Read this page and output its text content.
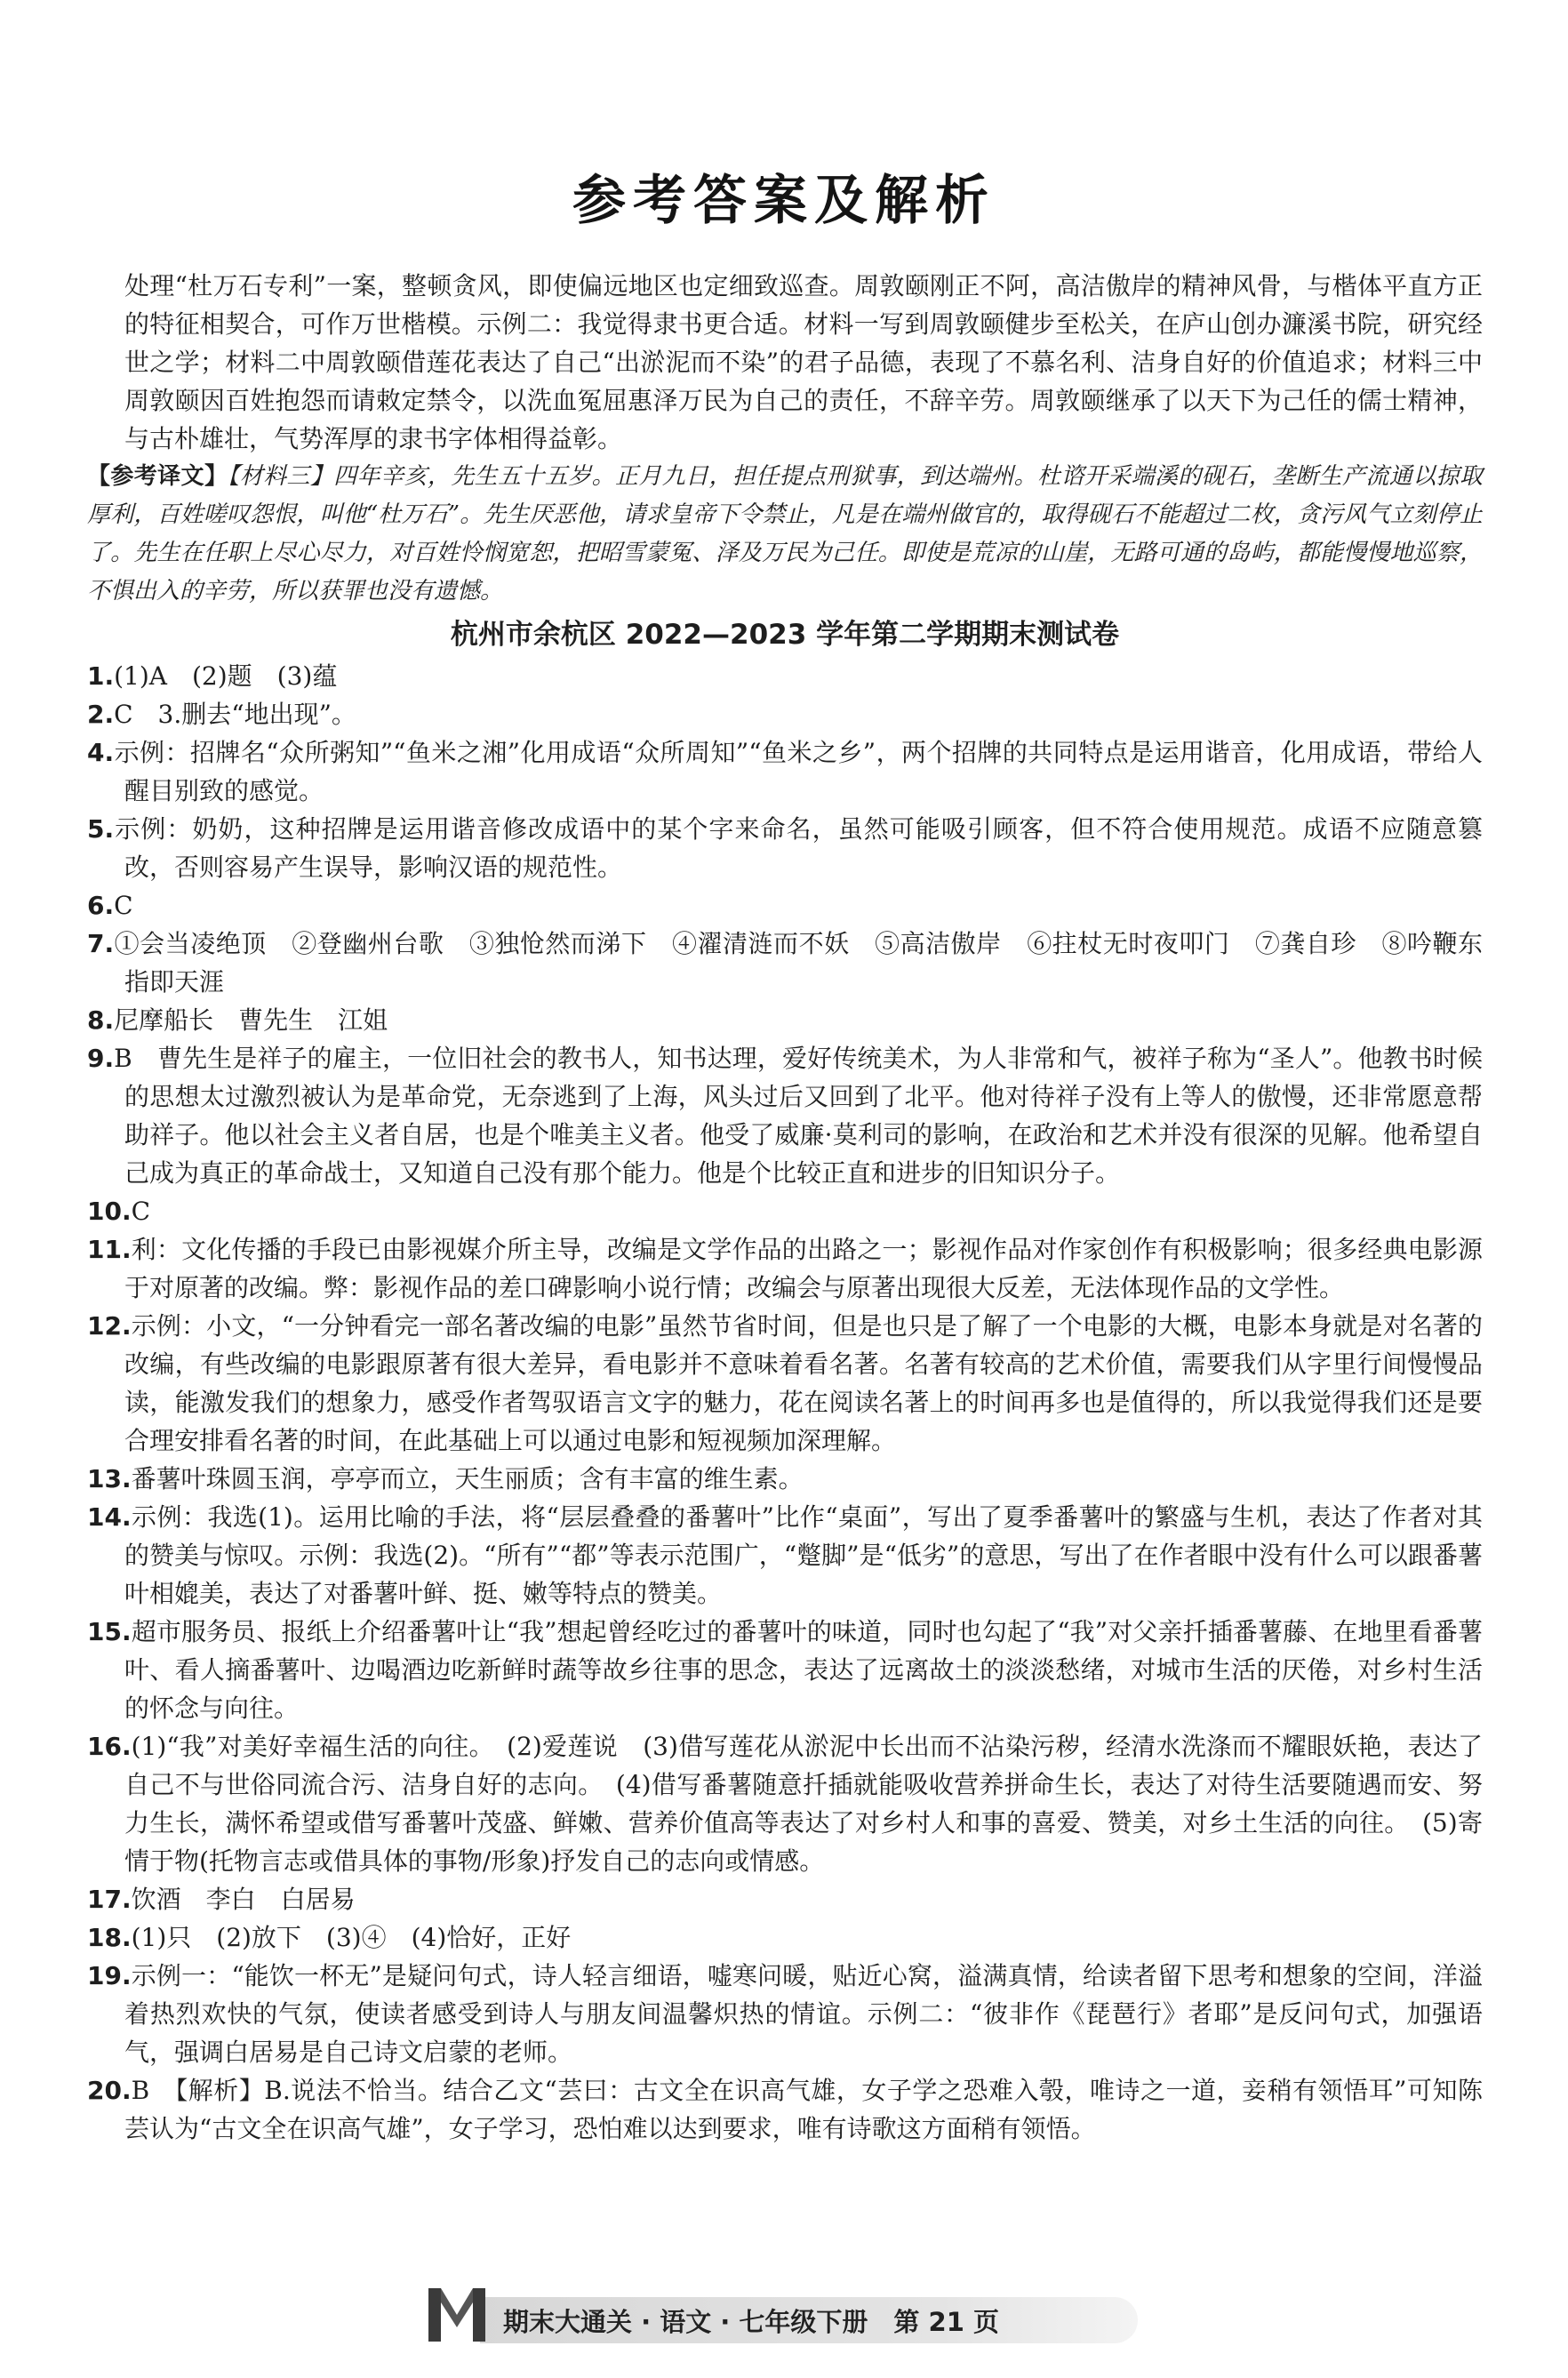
参考答案及解析

处理“杜万石专利”一案，整顿贪风，即使偏远地区也定细致巡查。周敦颐刚正不阿，高洁傲岸的精神风骨，与楷体平直方正的特征相契合，可作万世楷模。示例二：我觉得隶书更合适。材料一写到周敦颐健步至松关，在庐山创办濂溪书院，研究经世之学；材料二中周敦颐借莲花表达了自己“出淤泥而不染”的君子品德，表现了不慕名利、洁身自好的价值追求；材料三中周敦颐因百姓抱怨而请敕定禁令，以洗血冤屈惠泽万民为自己的责任，不辞辛劳。周敦颐继承了以天下为己任的儒士精神，与古朴雄壮，气势浑厚的隶书字体相得益彰。

【参考译文】【材料三】四年辛亥，先生五十五岁。正月九日，担任提点刑狱事，到达端州。杜谘开采端溪的砚石，垄断生产流通以掠取厚利，百姓嗟叹怨恨，叫他“杜万石”。先生厌恶他，请求皇帝下令禁止，凡是在端州做官的，取得砚石不能超过二枚，贪污风气立刻停止了。先生在任职上尽心尽力，对百姓怜悯宽恕，把昭雪蒙冤、泽及万民为己任。即使是荒凉的山崖，无路可通的岛屿，都能慢慢地巡察，不惧出入的辛劳，所以获罪也没有遗憾。

杭州市余杭区 2022—2023 学年第二学期期末测试卷
1.(1)A　(2)题　(3)蕴
2.C　3.删去“地出现”。
4.示例：招牌名“众所粥知”“鱼米之湘”化用成语“众所周知”“鱼米之乡”，两个招牌的共同特点是运用谐音，化用成语，带给人醒目别致的感觉。
5.示例：奶奶，这种招牌是运用谐音修改成语中的某个字来命名，虽然可能吸引顾客，但不符合使用规范。成语不应随意篡改，否则容易产生误导，影响汉语的规范性。
6.C
7.①会当凌绝顶　②登幽州台歌　③独怆然而涕下　④濯清涟而不妖　⑤高洁傲岸　⑥拄杖无时夜叩门　⑦龚自珍　⑧吟鞭东指即天涯
8.尼摩船长　曹先生　江姐
9.B　曹先生是祥子的雇主，一位旧社会的教书人，知书达理，爱好传统美术，为人非常和气，被祥子称为“圣人”。他教书时候的思想太过激烈被认为是革命党，无奈逃到了上海，风头过后又回到了北平。他对待祥子没有上等人的傲慢，还非常愿意帮助祥子。他以社会主义者自居，也是个唯美主义者。他受了威廉·莫利司的影响，在政治和艺术并没有很深的见解。他希望自己成为真正的革命战士，又知道自己没有那个能力。他是个比较正直和进步的旧知识分子。
10.C
11.利：文化传播的手段已由影视媒介所主导，改编是文学作品的出路之一；影视作品对作家创作有积极影响；很多经典电影源于对原著的改编。弊：影视作品的差口碑影响小说行情；改编会与原著出现很大反差，无法体现作品的文学性。
12.示例：小文，“一分钟看完一部名著改编的电影”虽然节省时间，但是也只是了解了一个电影的大概，电影本身就是对名著的改编，有些改编的电影跟原著有很大差异，看电影并不意味着看名著。名著有较高的艺术价值，需要我们从字里行间慢慢品读，能激发我们的想象力，感受作者驾驭语言文字的魅力，花在阅读名著上的时间再多也是值得的，所以我觉得我们还是要合理安排看名著的时间，在此基础上可以通过电影和短视频加深理解。
13.番薯叶珠圆玉润，亭亭而立，天生丽质；含有丰富的维生素。
14.示例：我选(1)。运用比喻的手法，将“层层叠叠的番薯叶”比作“桌面”，写出了夏季番薯叶的繁盛与生机，表达了作者对其的赞美与惊叹。示例：我选(2)。“所有”“都”等表示范围广，“蹩脚”是“低劣”的意思，写出了在作者眼中没有什么可以跟番薯叶相媲美，表达了对番薯叶鲜、挺、嫩等特点的赞美。
15.超市服务员、报纸上介绍番薯叶让“我”想起曾经吃过的番薯叶的味道，同时也勾起了“我”对父亲扦插番薯藤、在地里看番薯叶、看人摘番薯叶、边喝酒边吃新鲜时蔬等故乡往事的思念，表达了远离故土的淡淡愁绪，对城市生活的厌倦，对乡村生活的怀念与向往。
16.(1)“我”对美好幸福生活的向往。　(2)爱莲说　(3)借写莲花从淤泥中长出而不沾染污秽，经清水洗涤而不耀眼妖艳，表达了自己不与世俗同流合污、洁身自好的志向。　(4)借写番薯随意扦插就能吸收营养拼命生长，表达了对待生活要随遇而安、努力生长，满怀希望或借写番薯叶茂盛、鲜嫩、营养价值高等表达了对乡村人和事的喜爱、赞美，对乡土生活的向往。　(5)寄情于物(托物言志或借具体的事物/形象)抒发自己的志向或情感。
17.饮酒　李白　白居易
18.(1)只　(2)放下　(3)④　(4)恰好，正好
19.示例一：“能饮一杯无”是疑问句式，诗人轻言细语，嘘寒问暖，贴近心窝，溢满真情，给读者留下思考和想象的空间，洋溢着热烈欢快的气氛，使读者感受到诗人与朋友间温馨炽热的情谊。示例二：“彼非作《琵琶行》者耶”是反问句式，加强语气，强调白居易是自己诗文启蒙的老师。
20.B　【解析】B.说法不恰当。结合乙文“芸曰：古文全在识高气雄，女子学之恐难入彀，唯诗之一道，妾稍有领悟耳”可知陈芸认为“古文全在识高气雄”，女子学习，恐怕难以达到要求，唯有诗歌这方面稍有领悟。
期末大通关 · 语文 · 七年级下册　第 21 页
